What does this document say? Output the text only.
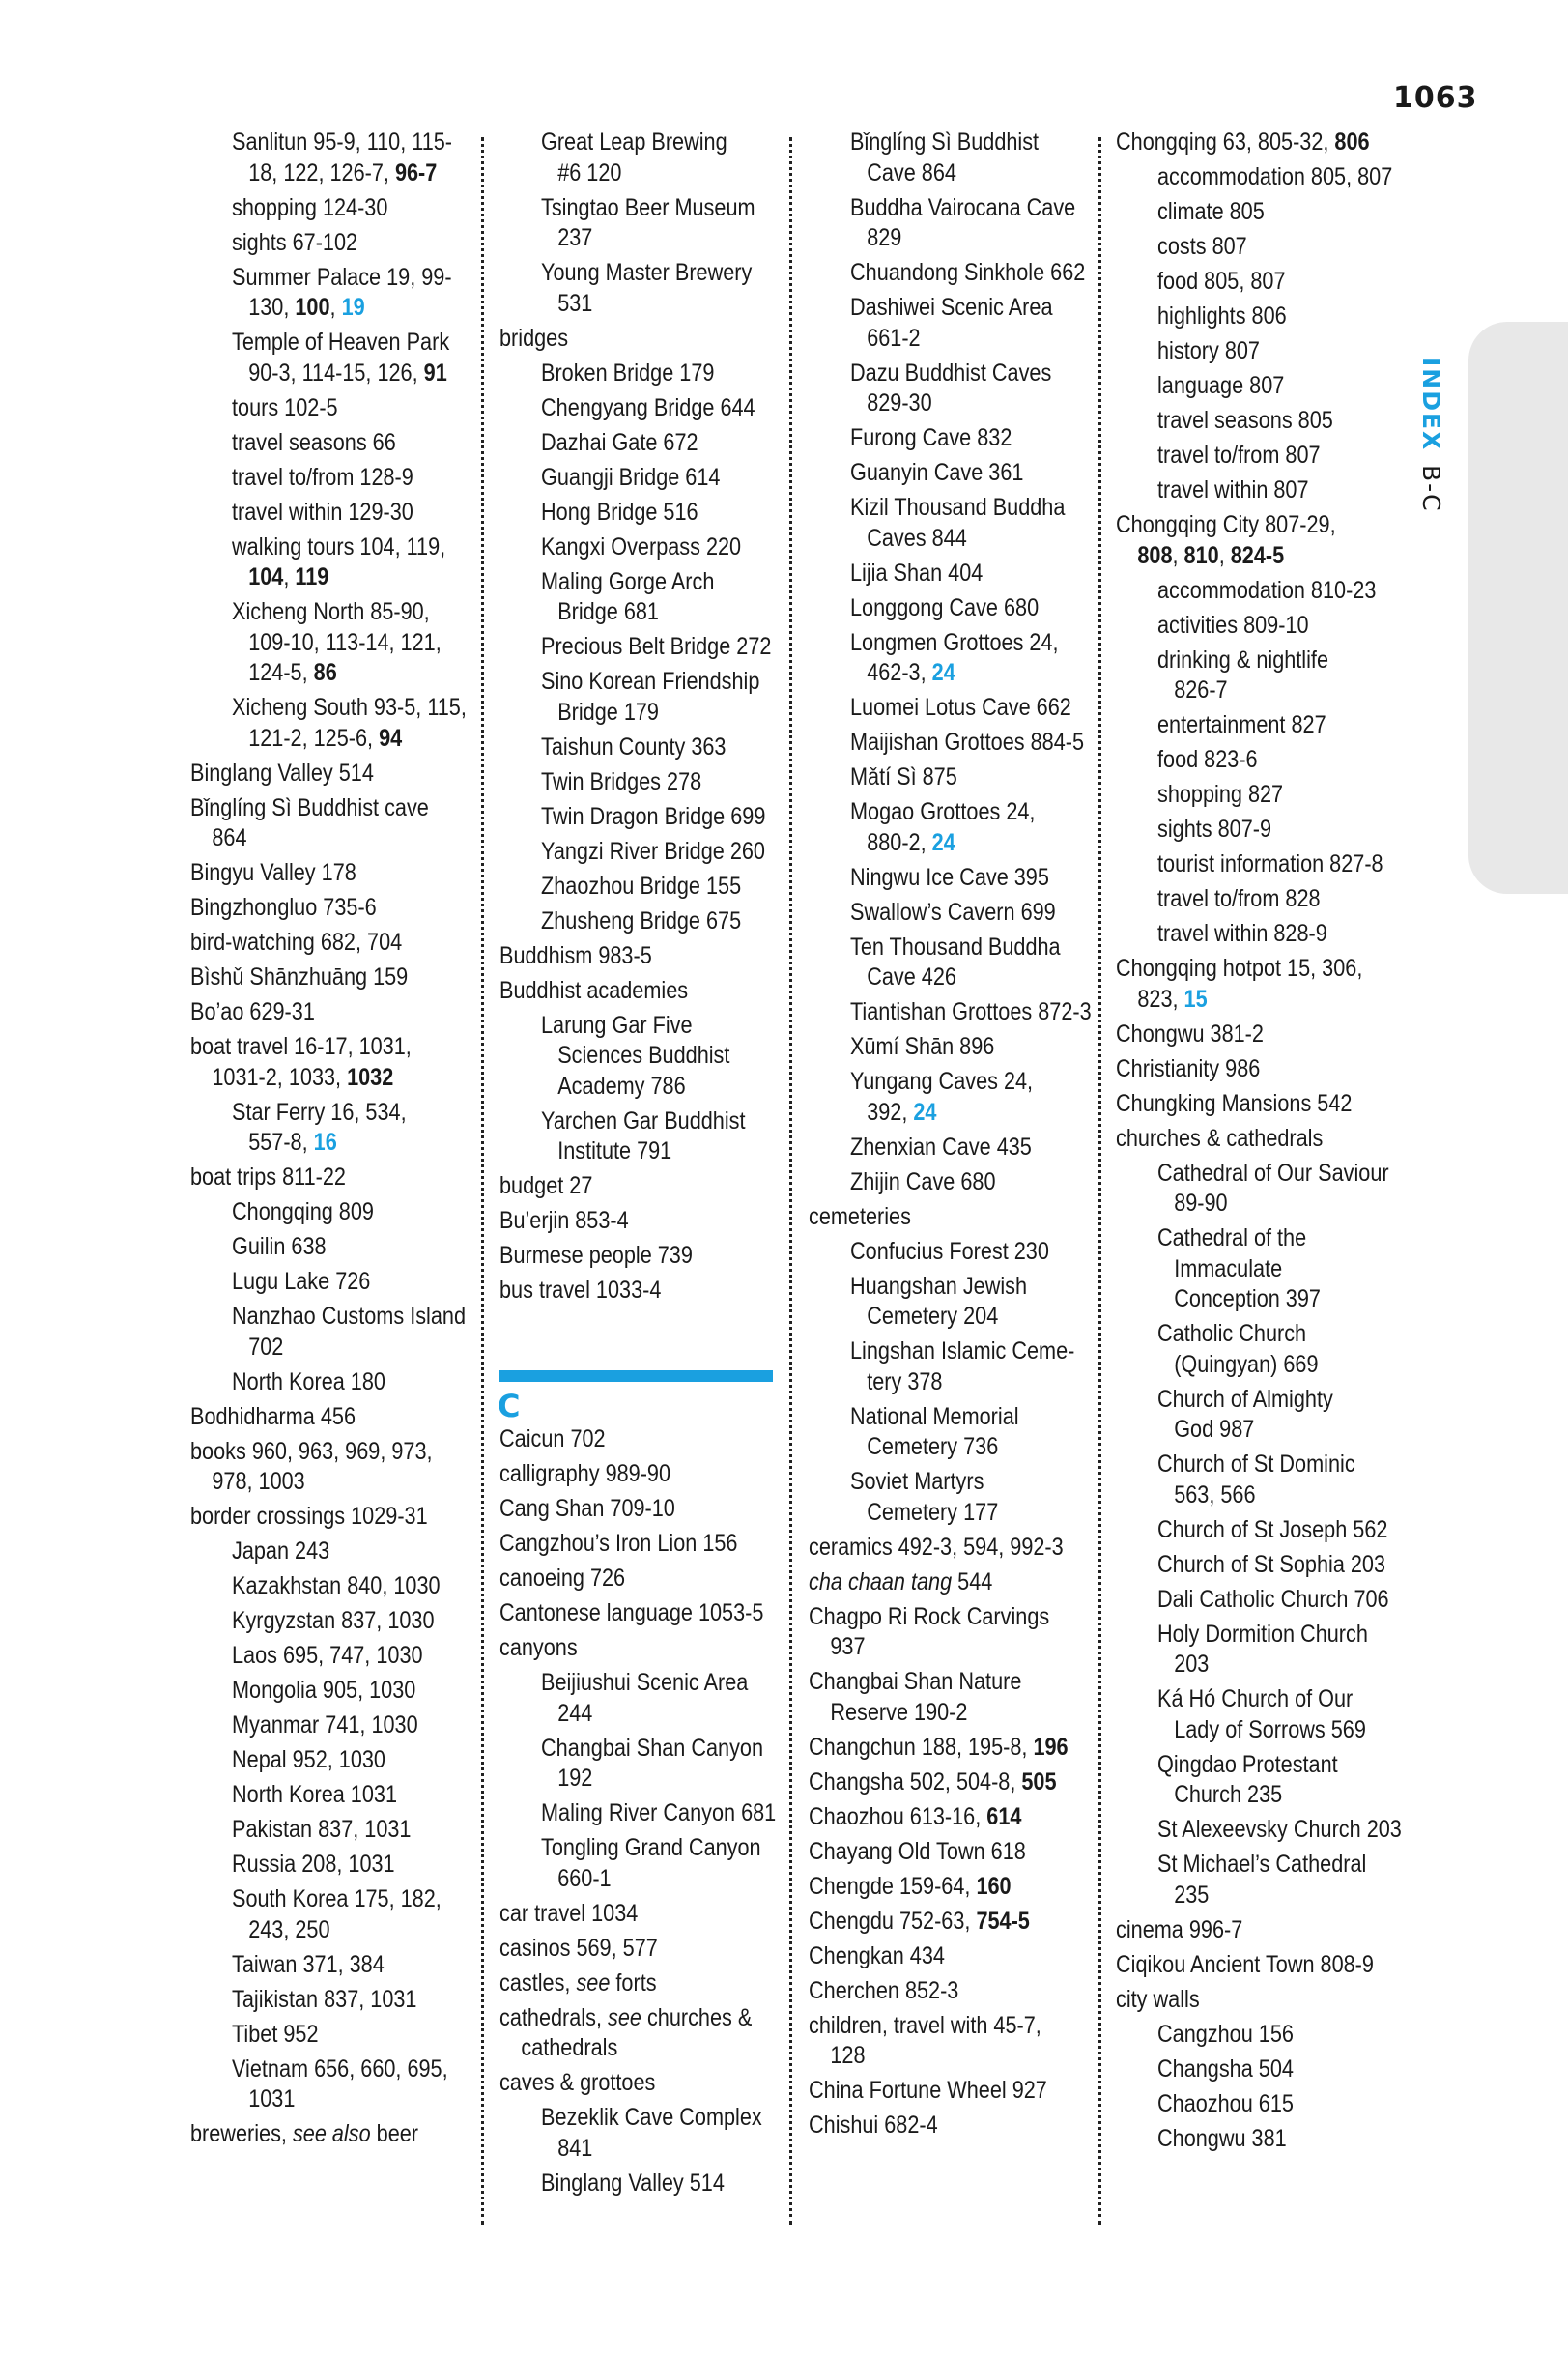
1063
INDEXB-C
Sanlitun 95-9, 110, 115-
18, 122, 126-7, 96-7
shopping 124-30
sights 67-102
Summer Palace 19, 99-
130, 100, 19
Temple of Heaven Park
90-3, 114-15, 126, 91
tours 102-5
travel seasons 66
travel to/from 128-9
travel within 129-30
walking tours 104, 119,
104, 119
Xicheng North 85-90,
109-10, 113-14, 121,
124-5, 86
Xicheng South 93-5, 115,
121-2, 125-6, 94
Binglang Valley 514
Bǐnglíng Sì Buddhist cave
864
Bingyu Valley 178
Bingzhongluo 735-6
bird-watching 682, 704
Bìshǔ Shānzhuāng 159
Bo’ao 629-31
boat travel 16-17, 1031,
1031-2, 1033, 1032
Star Ferry 16, 534,
557-8, 16
boat trips 811-22
Chongqing 809
Guilin 638
Lugu Lake 726
Nanzhao Customs Island
702
North Korea 180
Bodhidharma 456
books 960, 963, 969, 973,
978, 1003
border crossings 1029-31
Japan 243
Kazakhstan 840, 1030
Kyrgyzstan 837, 1030
Laos 695, 747, 1030
Mongolia 905, 1030
Myanmar 741, 1030
Nepal 952, 1030
North Korea 1031
Pakistan 837, 1031
Russia 208, 1031
South Korea 175, 182,
243, 250
Taiwan 371, 384
Tajikistan 837, 1031
Tibet 952
Vietnam 656, 660, 695,
1031
breweries, see also beer
Great Leap Brewing
#6 120
Tsingtao Beer Museum
237
Young Master Brewery
531
bridges
Broken Bridge 179
Chengyang Bridge 644
Dazhai Gate 672
Guangji Bridge 614
Hong Bridge 516
Kangxi Overpass 220
Maling Gorge Arch
Bridge 681
Precious Belt Bridge 272
Sino Korean Friendship
Bridge 179
Taishun County 363
Twin Bridges 278
Twin Dragon Bridge 699
Yangzi River Bridge 260
Zhaozhou Bridge 155
Zhusheng Bridge 675
Buddhism 983-5
Buddhist academies
Larung Gar Five
Sciences Buddhist
Academy 786
Yarchen Gar Buddhist
Institute 791
budget 27
Bu’erjin 853-4
Burmese people 739
bus travel 1033-4
C
Caicun 702
calligraphy 989-90
Cang Shan 709-10
Cangzhou’s Iron Lion 156
canoeing 726
Cantonese language 1053-5
canyons
Beijiushui Scenic Area
244
Changbai Shan Canyon
192
Maling River Canyon 681
Tongling Grand Canyon
660-1
car travel 1034
casinos 569, 577
castles, see forts
cathedrals, see churches &
cathedrals
caves & grottoes
Bezeklik Cave Complex
841
Binglang Valley 514
Bǐnglíng Sì Buddhist
Cave 864
Buddha Vairocana Cave
829
Chuandong Sinkhole 662
Dashiwei Scenic Area
661-2
Dazu Buddhist Caves
829-30
Furong Cave 832
Guanyin Cave 361
Kizil Thousand Buddha
Caves 844
Lijia Shan 404
Longgong Cave 680
Longmen Grottoes 24,
462-3, 24
Luomei Lotus Cave 662
Maijishan Grottoes 884-5
Mǎtí Sì 875
Mogao Grottoes 24,
880-2, 24
Ningwu Ice Cave 395
Swallow’s Cavern 699
Ten Thousand Buddha
Cave 426
Tiantishan Grottoes 872-3
Xūmí Shān 896
Yungang Caves 24,
392, 24
Zhenxian Cave 435
Zhijin Cave 680
cemeteries
Confucius Forest 230
Huangshan Jewish
Cemetery 204
Lingshan Islamic Ceme-
tery 378
National Memorial
Cemetery 736
Soviet Martyrs
Cemetery 177
ceramics 492-3, 594, 992-3
cha chaan tang 544
Chagpo Ri Rock Carvings
937
Changbai Shan Nature
Reserve 190-2
Changchun 188, 195-8, 196
Changsha 502, 504-8, 505
Chaozhou 613-16, 614
Chayang Old Town 618
Chengde 159-64, 160
Chengdu 752-63, 754-5
Chengkan 434
Cherchen 852-3
children, travel with 45-7,
128
China Fortune Wheel 927
Chishui 682-4
Chongqing 63, 805-32, 806
accommodation 805, 807
climate 805
costs 807
food 805, 807
highlights 806
history 807
language 807
travel seasons 805
travel to/from 807
travel within 807
Chongqing City 807-29,
808, 810, 824-5
accommodation 810-23
activities 809-10
drinking & nightlife
826-7
entertainment 827
food 823-6
shopping 827
sights 807-9
tourist information 827-8
travel to/from 828
travel within 828-9
Chongqing hotpot 15, 306,
823, 15
Chongwu 381-2
Christianity 986
Chungking Mansions 542
churches & cathedrals
Cathedral of Our Saviour
89-90
Cathedral of the
Immaculate
Conception 397
Catholic Church
(Quingyan) 669
Church of Almighty
God 987
Church of St Dominic
563, 566
Church of St Joseph 562
Church of St Sophia 203
Dali Catholic Church 706
Holy Dormition Church
203
Ká Hó Church of Our
Lady of Sorrows 569
Qingdao Protestant
Church 235
St Alexeevsky Church 203
St Michael’s Cathedral
235
cinema 996-7
Ciqikou Ancient Town 808-9
city walls
Cangzhou 156
Changsha 504
Chaozhou 615
Chongwu 381
